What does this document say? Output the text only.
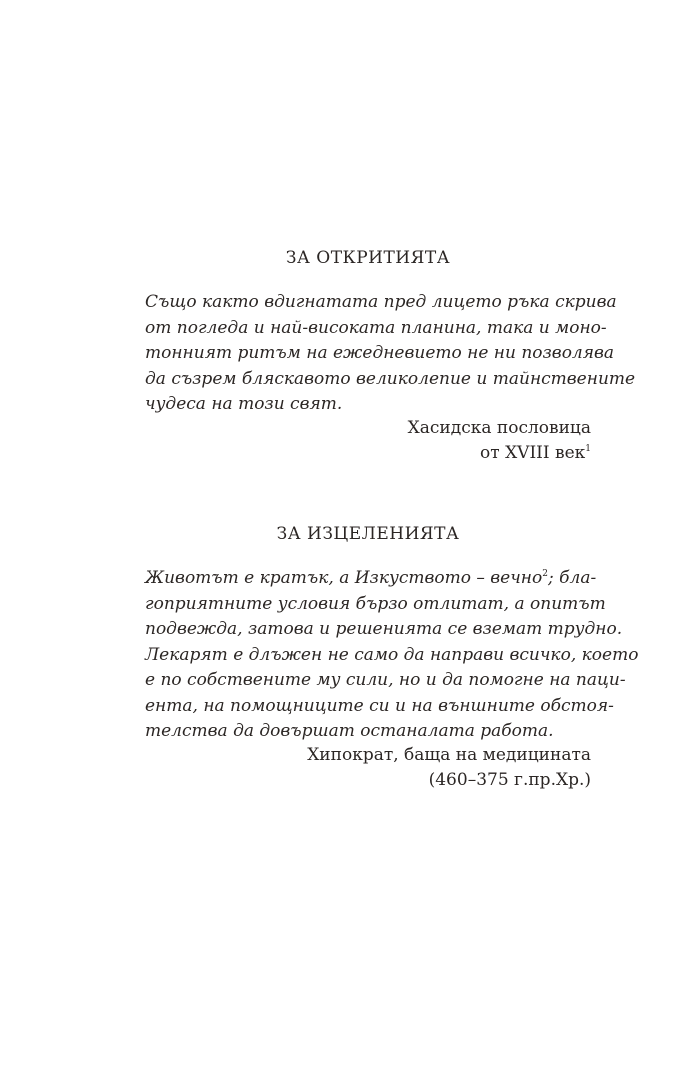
ЗА ОТКРИТИЯТА
Също както вдигнатата пред лицето ръка скрива
от погледа и най-високата планина, така и моно-
тонният ритъм на ежедневието не ни позволява
да съзрем бляскавото великолепие и тайнствените
чудеса на този свят.
Хасидска пословица
от XVIII век$^1$
ЗА ИЗЦЕЛЕНИЯТА
Животът е кратък, а Изкуството – вечно$^2$; бла-
гоприятните условия бързо отлитат, а опитът
подвежда, затова и решенията се вземат трудно.
Лекарят е длъжен не само да направи всичко, което
е по собствените му сили, но и да помогне на паци-
ента, на помощниците си и на външните обстоя-
телства да довършат останалата работа.
Хипократ, баща на медицината
(460–375 г.пр.Хр.)
